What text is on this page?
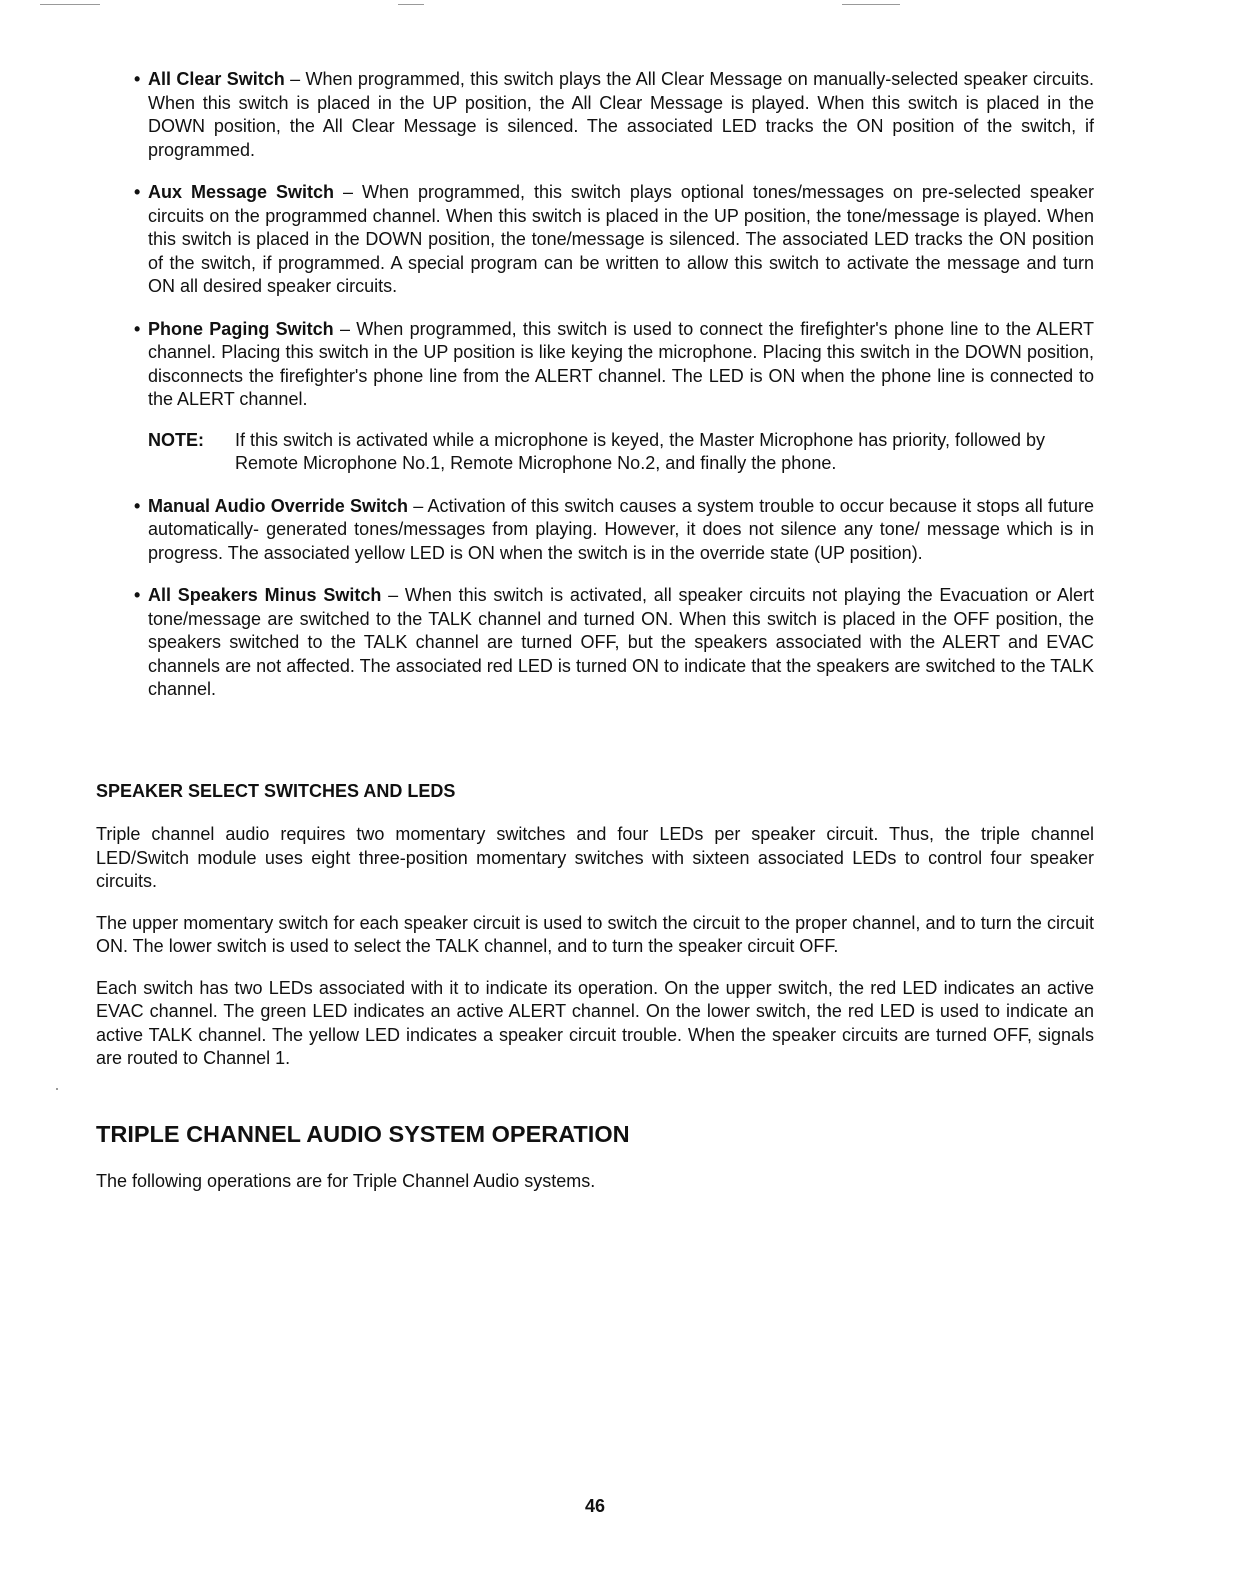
• All Clear Switch – When programmed, this switch plays the All Clear Message on manually-selected speaker circuits. When this switch is placed in the UP position, the All Clear Message is played. When this switch is placed in the DOWN position, the All Clear Message is silenced. The associated LED tracks the ON position of the switch, if programmed.
• Aux Message Switch – When programmed, this switch plays optional tones/messages on pre-selected speaker circuits on the programmed channel. When this switch is placed in the UP position, the tone/message is played. When this switch is placed in the DOWN position, the tone/message is silenced. The associated LED tracks the ON position of the switch, if programmed. A special program can be written to allow this switch to activate the message and turn ON all desired speaker circuits.
• Phone Paging Switch – When programmed, this switch is used to connect the firefighter's phone line to the ALERT channel. Placing this switch in the UP position is like keying the microphone. Placing this switch in the DOWN position, disconnects the firefighter's phone line from the ALERT channel. The LED is ON when the phone line is connected to the ALERT channel.
NOTE: If this switch is activated while a microphone is keyed, the Master Microphone has priority, followed by Remote Microphone No.1, Remote Microphone No.2, and finally the phone.
• Manual Audio Override Switch – Activation of this switch causes a system trouble to occur because it stops all future automatically- generated tones/messages from playing. However, it does not silence any tone/ message which is in progress. The associated yellow LED is ON when the switch is in the override state (UP position).
• All Speakers Minus Switch – When this switch is activated, all speaker circuits not playing the Evacuation or Alert tone/message are switched to the TALK channel and turned ON. When this switch is placed in the OFF position, the speakers switched to the TALK channel are turned OFF, but the speakers associated with the ALERT and EVAC channels are not affected. The associated red LED is turned ON to indicate that the speakers are switched to the TALK channel.
SPEAKER SELECT SWITCHES AND LEDS

Triple channel audio requires two momentary switches and four LEDs per speaker circuit. Thus, the triple channel LED/Switch module uses eight three-position momentary switches with sixteen associated LEDs to control four speaker circuits.

The upper momentary switch for each speaker circuit is used to switch the circuit to the proper channel, and to turn the circuit ON. The lower switch is used to select the TALK channel, and to turn the speaker circuit OFF.

Each switch has two LEDs associated with it to indicate its operation. On the upper switch, the red LED indicates an active EVAC channel. The green LED indicates an active ALERT channel. On the lower switch, the red LED is used to indicate an active TALK channel. The yellow LED indicates a speaker circuit trouble. When the speaker circuits are turned OFF, signals are routed to Channel 1.

TRIPLE CHANNEL AUDIO SYSTEM OPERATION
The following operations are for Triple Channel Audio systems.
46
